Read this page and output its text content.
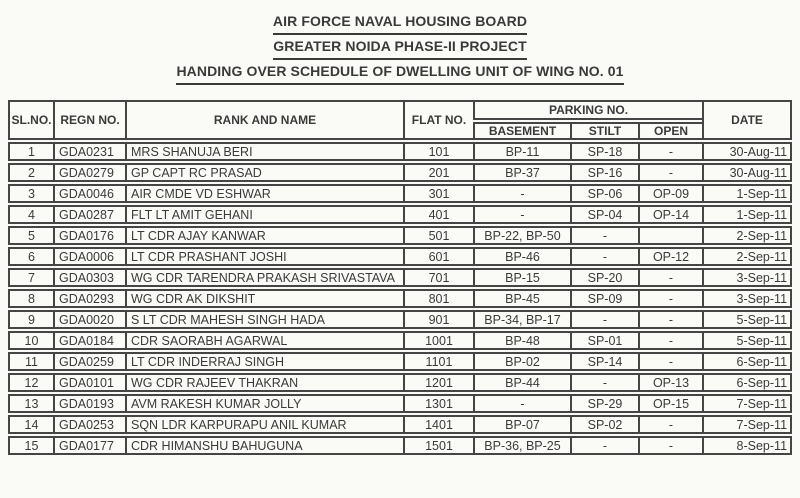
AIR FORCE NAVAL HOUSING BOARD
GREATER NOIDA PHASE-II PROJECT
HANDING OVER SCHEDULE OF DWELLING UNIT OF WING NO. 01
SL.NO.	REGN NO.	RANK AND NAME	FLAT NO.	PARKING NO.			DATE
				BASEMENT	STILT	OPEN	
1	GDA0231	MRS SHANUJA BERI	101	BP-11	SP-18	-	30-Aug-11
2	GDA0279	GP CAPT RC PRASAD	201	BP-37	SP-16	-	30-Aug-11
3	GDA0046	AIR CMDE VD ESHWAR	301	-	SP-06	OP-09	1-Sep-11
4	GDA0287	FLT LT AMIT GEHANI	401	-	SP-04	OP-14	1-Sep-11
5	GDA0176	LT CDR AJAY KANWAR	501	BP-22, BP-50	-		2-Sep-11
6	GDA0006	LT CDR PRASHANT JOSHI	601	BP-46	-	OP-12	2-Sep-11
7	GDA0303	WG CDR TARENDRA PRAKASH SRIVASTAVA	701	BP-15	SP-20	-	3-Sep-11
8	GDA0293	WG CDR AK DIKSHIT	801	BP-45	SP-09	-	3-Sep-11
9	GDA0020	S LT CDR MAHESH SINGH HADA	901	BP-34, BP-17	-	-	5-Sep-11
10	GDA0184	CDR SAORABH AGARWAL	1001	BP-48	SP-01	-	5-Sep-11
11	GDA0259	LT CDR INDERRAJ SINGH	1101	BP-02	SP-14	-	6-Sep-11
12	GDA0101	WG CDR RAJEEV THAKRAN	1201	BP-44	-	OP-13	6-Sep-11
13	GDA0193	AVM RAKESH KUMAR JOLLY	1301	-	SP-29	OP-15	7-Sep-11
14	GDA0253	SQN LDR KARPURAPU ANIL KUMAR	1401	BP-07	SP-02	-	7-Sep-11
15	GDA0177	CDR HIMANSHU BAHUGUNA	1501	BP-36, BP-25	-	-	8-Sep-11
